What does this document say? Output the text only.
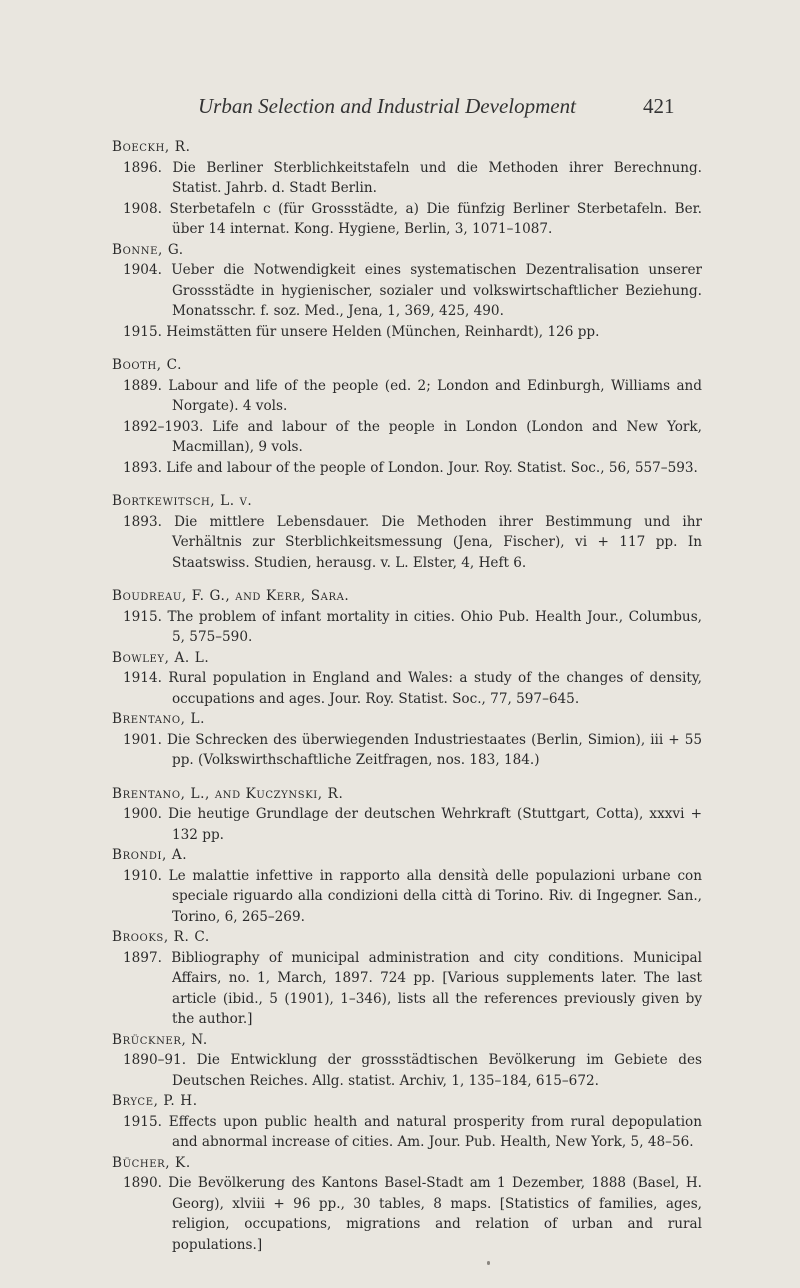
Urban Selection and Industrial Development	421
Boeckh, R.
1896. Die Berliner Sterblichkeitstafeln und die Methoden ihrer Berechnung. Statist. Jahrb. d. Stadt Berlin.
1908. Sterbetafeln c (für Grossstädte, a) Die fünfzig Berliner Sterbetafeln. Ber. über 14 internat. Kong. Hygiene, Berlin, 3, 1071–1087.
Bonne, G.
1904. Ueber die Notwendigkeit eines systematischen Dezentralisation unserer Grossstädte in hygienischer, sozialer und volkswirtschaftlicher Beziehung. Monatsschr. f. soz. Med., Jena, 1, 369, 425, 490.
1915. Heimstätten für unsere Helden (München, Reinhardt), 126 pp.
Booth, C.
1889. Labour and life of the people (ed. 2; London and Edinburgh, Williams and Norgate). 4 vols.
1892–1903. Life and labour of the people in London (London and New York, Macmillan), 9 vols.
1893. Life and labour of the people of London. Jour. Roy. Statist. Soc., 56, 557–593.
Bortkewitsch, L. v.
1893. Die mittlere Lebensdauer. Die Methoden ihrer Bestimmung und ihr Verhältnis zur Sterblichkeitsmessung (Jena, Fischer), vi + 117 pp. In Staatswiss. Studien, herausg. v. L. Elster, 4, Heft 6.
Boudreau, F. G., and Kerr, Sara.
1915. The problem of infant mortality in cities. Ohio Pub. Health Jour., Columbus, 5, 575–590.
Bowley, A. L.
1914. Rural population in England and Wales: a study of the changes of density, occupations and ages. Jour. Roy. Statist. Soc., 77, 597–645.
Brentano, L.
1901. Die Schrecken des überwiegenden Industriestaates (Berlin, Simion), iii + 55 pp. (Volkswirthschaftliche Zeitfragen, nos. 183, 184.)
Brentano, L., and Kuczynski, R.
1900. Die heutige Grundlage der deutschen Wehrkraft (Stuttgart, Cotta), xxxvi + 132 pp.
Brondi, A.
1910. Le malattie infettive in rapporto alla densità delle populazioni urbane con speciale riguardo alla condizioni della città di Torino. Riv. di Ingegner. San., Torino, 6, 265–269.
Brooks, R. C.
1897. Bibliography of municipal administration and city conditions. Municipal Affairs, no. 1, March, 1897. 724 pp. [Various supplements later. The last article (ibid., 5 (1901), 1–346), lists all the references previously given by the author.]
Brückner, N.
1890–91. Die Entwicklung der grossstädtischen Bevölkerung im Gebiete des Deutschen Reiches. Allg. statist. Archiv, 1, 135–184, 615–672.
Bryce, P. H.
1915. Effects upon public health and natural prosperity from rural depopulation and abnormal increase of cities. Am. Jour. Pub. Health, New York, 5, 48–56.
Bücher, K.
1890. Die Bevölkerung des Kantons Basel-Stadt am 1 Dezember, 1888 (Basel, H. Georg), xlviii + 96 pp., 30 tables, 8 maps. [Statistics of families, ages, religion, occupations, migrations and relation of urban and rural populations.]
